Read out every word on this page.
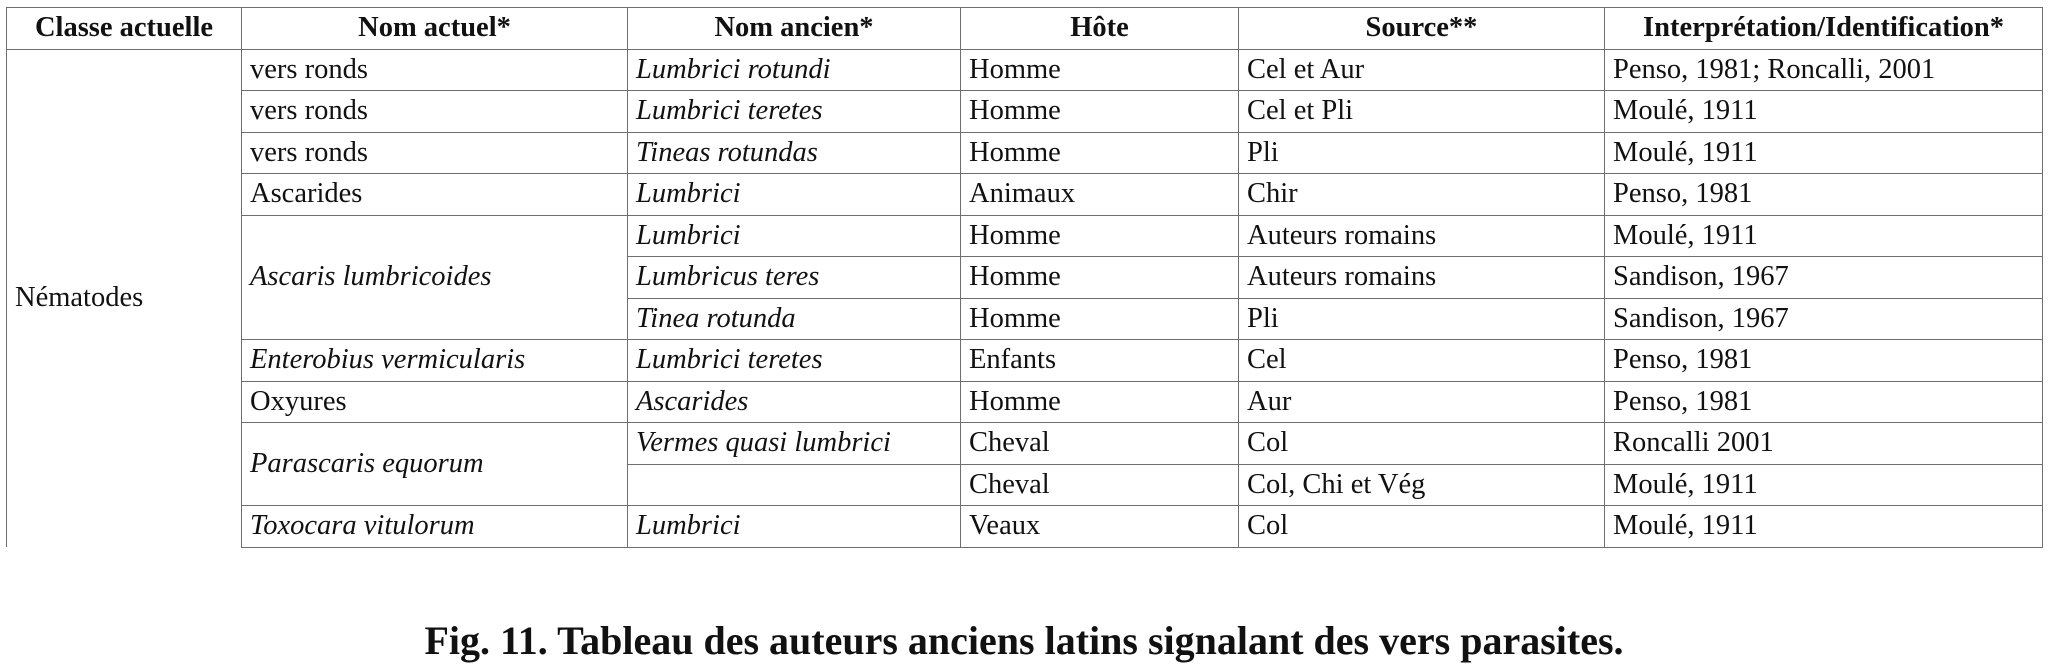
Classe actuelle	Nom actuel*	Nom ancien*	Hôte	Source**	Interprétation/Identification*
Nématodes	vers ronds	Lumbrici rotundi	Homme	Cel et Aur	Penso, 1981; Roncalli, 2001
	vers ronds	Lumbrici teretes	Homme	Cel et Pli	Moulé, 1911
	vers ronds	Tineas rotundas	Homme	Pli	Moulé, 1911
	Ascarides	Lumbrici	Animaux	Chir	Penso, 1981
	Ascaris lumbricoides	Lumbrici	Homme	Auteurs romains	Moulé, 1911
		Lumbricus teres	Homme	Auteurs romains	Sandison, 1967
		Tinea rotunda	Homme	Pli	Sandison, 1967
	Enterobius vermicularis	Lumbrici teretes	Enfants	Cel	Penso, 1981
	Oxyures	Ascarides	Homme	Aur	Penso, 1981
	Parascaris equorum	Vermes quasi lumbrici	Cheval	Col	Roncalli 2001
			Cheval	Col, Chi et Vég	Moulé, 1911
	Toxocara vitulorum	Lumbrici	Veaux	Col	Moulé, 1911
Fig. 11. Tableau des auteurs anciens latins signalant des vers parasites.
